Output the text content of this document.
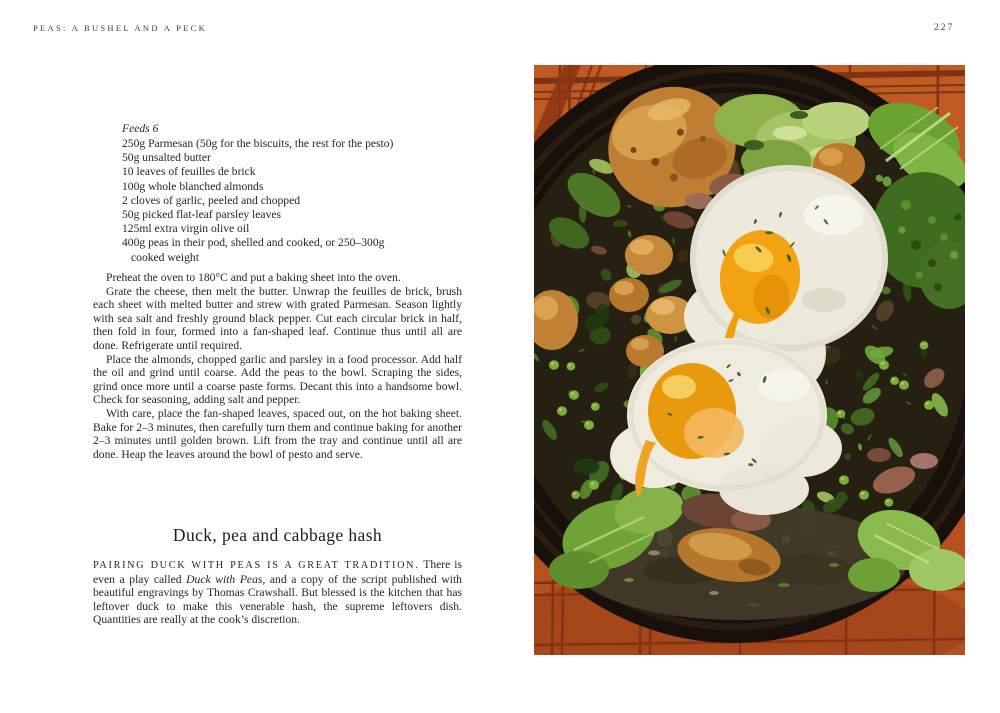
PEAS: A BUSHEL AND A PECK	227
Feeds 6
250g Parmesan (50g for the biscuits, the rest for the pesto)
50g unsalted butter
10 leaves of feuilles de brick
100g whole blanched almonds
2 cloves of garlic, peeled and chopped
50g picked flat-leaf parsley leaves
125ml extra virgin olive oil
400g peas in their pod, shelled and cooked, or 250–300g
cooked weight
Preheat the oven to 180°C and put a baking sheet into the oven.
Grate the cheese, then melt the butter. Unwrap the feuilles de brick, brush each sheet with melted butter and strew with grated Parmesan. Season lightly with sea salt and freshly ground black pepper. Cut each circular brick in half, then fold in four, formed into a fan-shaped leaf. Continue thus until all are done. Refrigerate until required.
Place the almonds, chopped garlic and parsley in a food processor. Add half the oil and grind until coarse. Add the peas to the bowl. Scraping the sides, grind once more until a coarse paste forms. Decant this into a handsome bowl. Check for seasoning, adding salt and pepper.
With care, place the fan-shaped leaves, spaced out, on the hot baking sheet. Bake for 2–3 minutes, then carefully turn them and continue baking for another 2–3 minutes until golden brown. Lift from the tray and continue until all are done. Heap the leaves around the bowl of pesto and serve.
Duck, pea and cabbage hash
PAIRING DUCK WITH PEAS IS A GREAT TRADITION. There is even a play called Duck with Peas, and a copy of the script published with beautiful engravings by Thomas Crawshall. But blessed is the kitchen that has leftover duck to make this venerable hash, the supreme leftovers dish. Quantities are really at the cook’s discretion.
